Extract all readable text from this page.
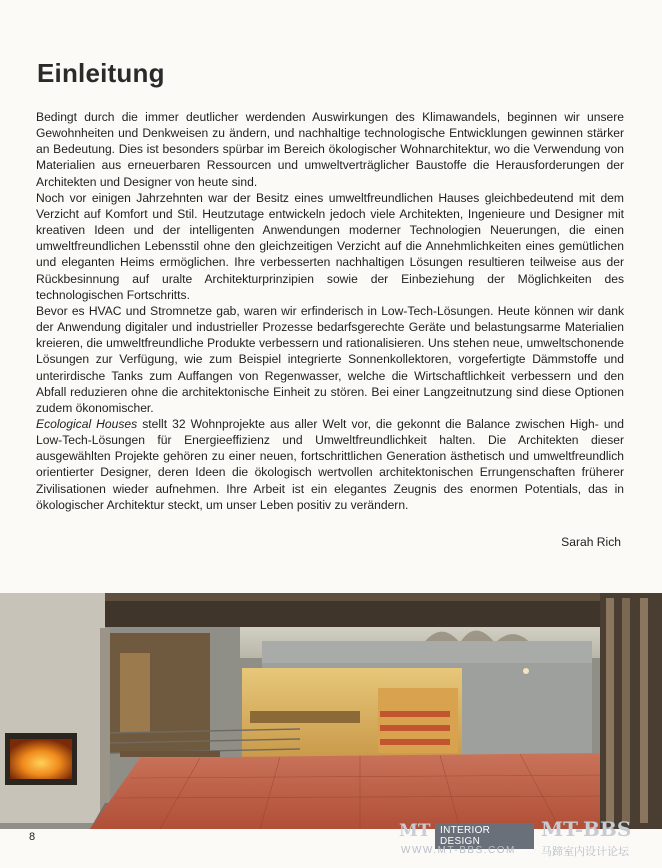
Einleitung

Bedingt durch die immer deutlicher werdenden Auswirkungen des Klimawandels, beginnen wir unsere Gewohnheiten und Denkweisen zu ändern, und nachhaltige technologische Entwicklungen gewinnen stärker an Bedeutung. Dies ist besonders spürbar im Bereich ökologischer Wohnarchitektur, wo die Verwendung von Materialien aus erneuerbaren Ressourcen und umweltverträglicher Baustoffe die Herausforderungen der Architekten und Designer von heute sind.

Noch vor einigen Jahrzehnten war der Besitz eines umweltfreundlichen Hauses gleichbedeutend mit dem Verzicht auf Komfort und Stil. Heutzutage entwickeln jedoch viele Architekten, Ingenieure und Designer mit kreativen Ideen und der intelligenten Anwendungen moderner Technologien Neuerungen, die einen umweltfreundlichen Lebensstil ohne den gleichzeitigen Verzicht auf die Annehmlichkeiten eines gemütlichen und eleganten Heims ermöglichen. Ihre verbesserten nachhaltigen Lösungen resultieren teilweise aus der Rückbesinnung auf uralte Architekturprinzipien sowie der Einbeziehung der Möglichkeiten des technologischen Fortschritts.

Bevor es HVAC und Stromnetze gab, waren wir erfinderisch in Low-Tech-Lösungen. Heute können wir dank der Anwendung digitaler und industrieller Prozesse bedarfsgerechte Geräte und belastungsarme Materialien kreieren, die umweltfreundliche Produkte verbessern und rationalisieren. Uns stehen neue, umweltschonende Lösungen zur Verfügung, wie zum Beispiel integrierte Sonnenkollektoren, vorgefertigte Dämmstoffe und unterirdische Tanks zum Auffangen von Regenwasser, welche die Wirtschaftlichkeit verbessern und den Abfall reduzieren ohne die architektonische Einheit zu stören. Bei einer Langzeitnutzung sind diese Optionen zudem ökonomischer.

Ecological Houses stellt 32 Wohnprojekte aus aller Welt vor, die gekonnt die Balance zwischen High- und Low-Tech-Lösungen für Energieeffizienz und Umweltfreundlichkeit halten. Die Architekten dieser ausgewählten Projekte gehören zu einer neuen, fortschrittlichen Generation ästhetisch und umweltfreundlich orientierter Designer, deren Ideen die ökologisch wertvollen architektonischen Errungenschaften früherer Zivilisationen wieder aufnehmen. Ihre Arbeit ist ein elegantes Zeugnis des enormen Potentials, das in ökologischer Architektur steckt, um unser Leben positiv zu verändern.

Sarah Rich
8	MT INTERIOR DESIGN
MT-BBS
WWW.MT-BBS.COM 马蹄室内设计论坛
